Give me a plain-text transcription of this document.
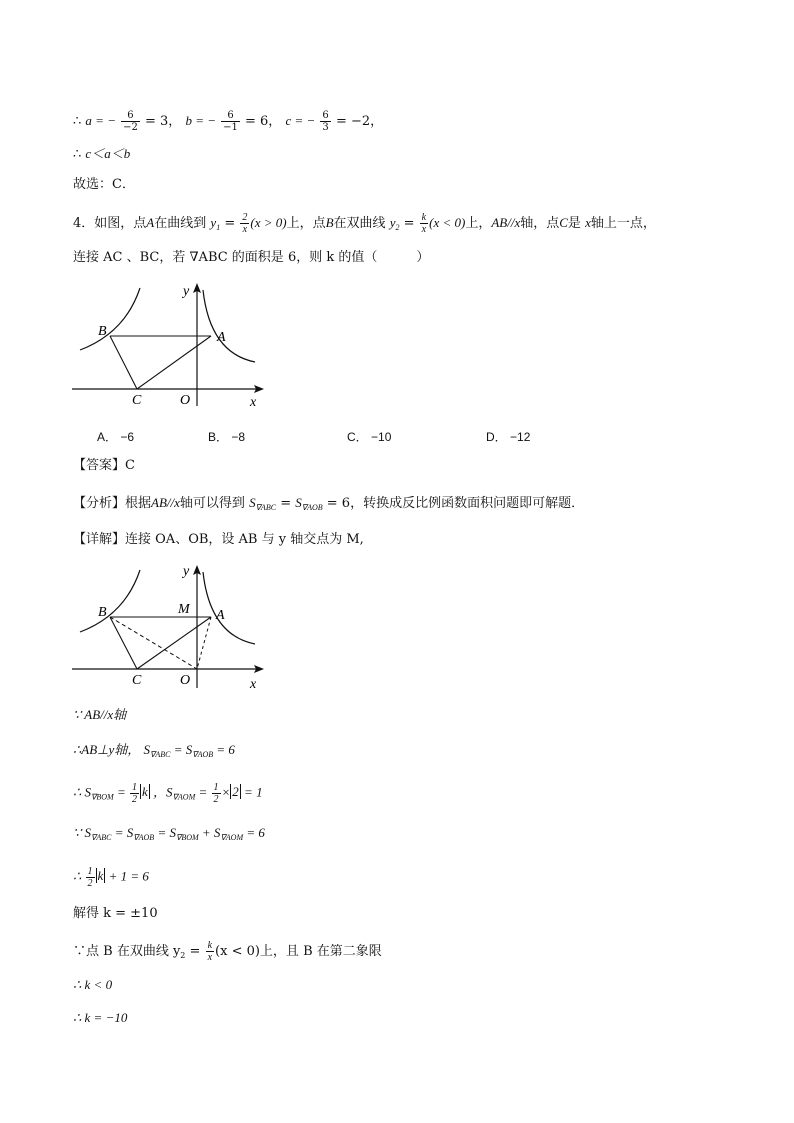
∴ a = − $\frac{6}{-2} = 3$， b = − $\frac{6}{-1} = 6$， c = − $\frac{6}{3} = -2$，
∴ c＜a＜b
故选：C．
4．如图，点A在曲线到 $y_1 = \frac{2}{x} (x > 0)$上，点B在双曲线 $y_2 = \frac{k}{x} (x < 0)$上，AB//x轴，点C是 x轴上一点，
连接 AC 、BC，若 ∇ABC 的面积是 6，则 k 的值（　　　）
y
B	A
C	O	x
A． −6	B． −8	C． −10	D． −12
【答案】C
【分析】根据AB//x轴可以得到 $S_{\nabla ABC} = S_{\nabla AOB} = 6$，转换成反比例函数面积问题即可解题．
【详解】连接 OA、OB，设 AB 与 y 轴交点为 M,
y
B	M A
C	O	x
∵ AB//x轴
∴AB⊥y轴， $S_{\nabla ABC} = S_{\nabla AOB} = 6$
∴ $S_{\nabla BOM} = \frac{1}{2}$ k ，$S_{\nabla AOM} = \frac{1}{2} \times 2 = 1$
∵ $S_{\nabla ABC} = S_{\nabla AOB} = S_{\nabla BOM} + S_{\nabla AOM} = 6$
∴ $\frac{1}{2}$ k + 1 = 6
解得 k = ±10
∵点 B 在双曲线 $y_2 = \frac{k}{x} (x < 0)$上，且 B 在第二象限
∴ k < 0
∴ k = −10
